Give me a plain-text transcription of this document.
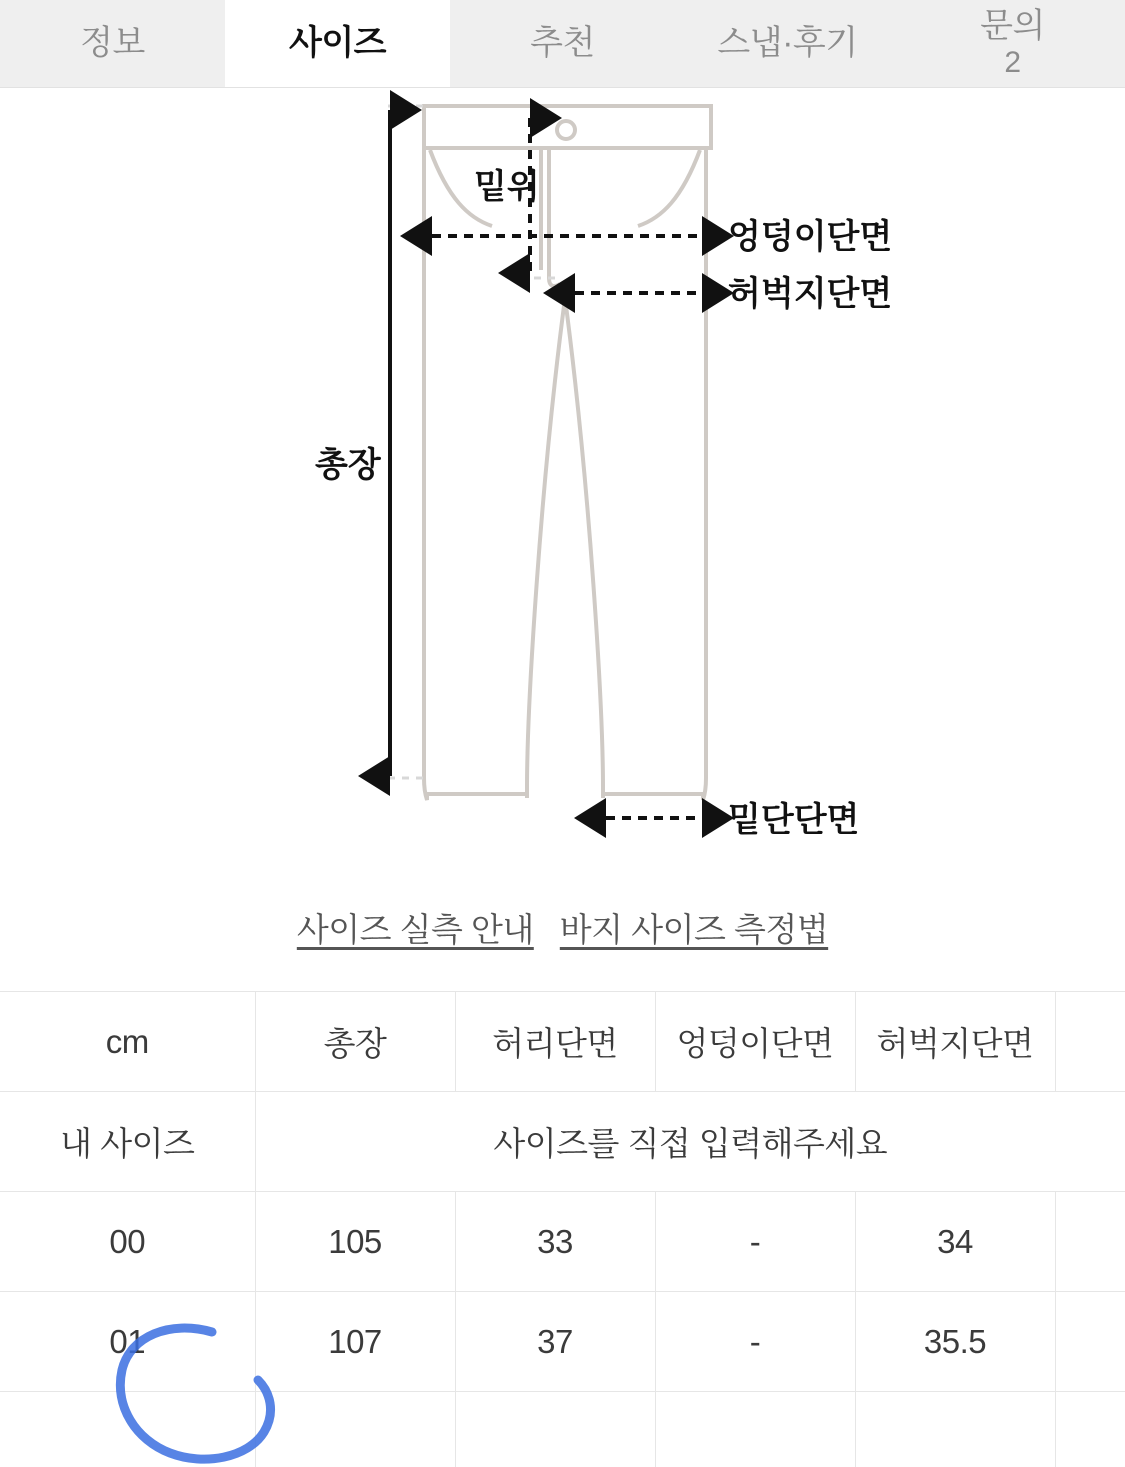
정보	사이즈	추천	스냅·후기	문의
2
총장
밑위
엉덩이단면
허벅지단면
밑단단면
사이즈 실측 안내 바지 사이즈 측정법
cm	총장	허리단면	엉덩이단면	허벅지단면	
내 사이즈	사이즈를 직접 입력해주세요				
00	105	33	-	34	
01	107	37	-	35.5	
